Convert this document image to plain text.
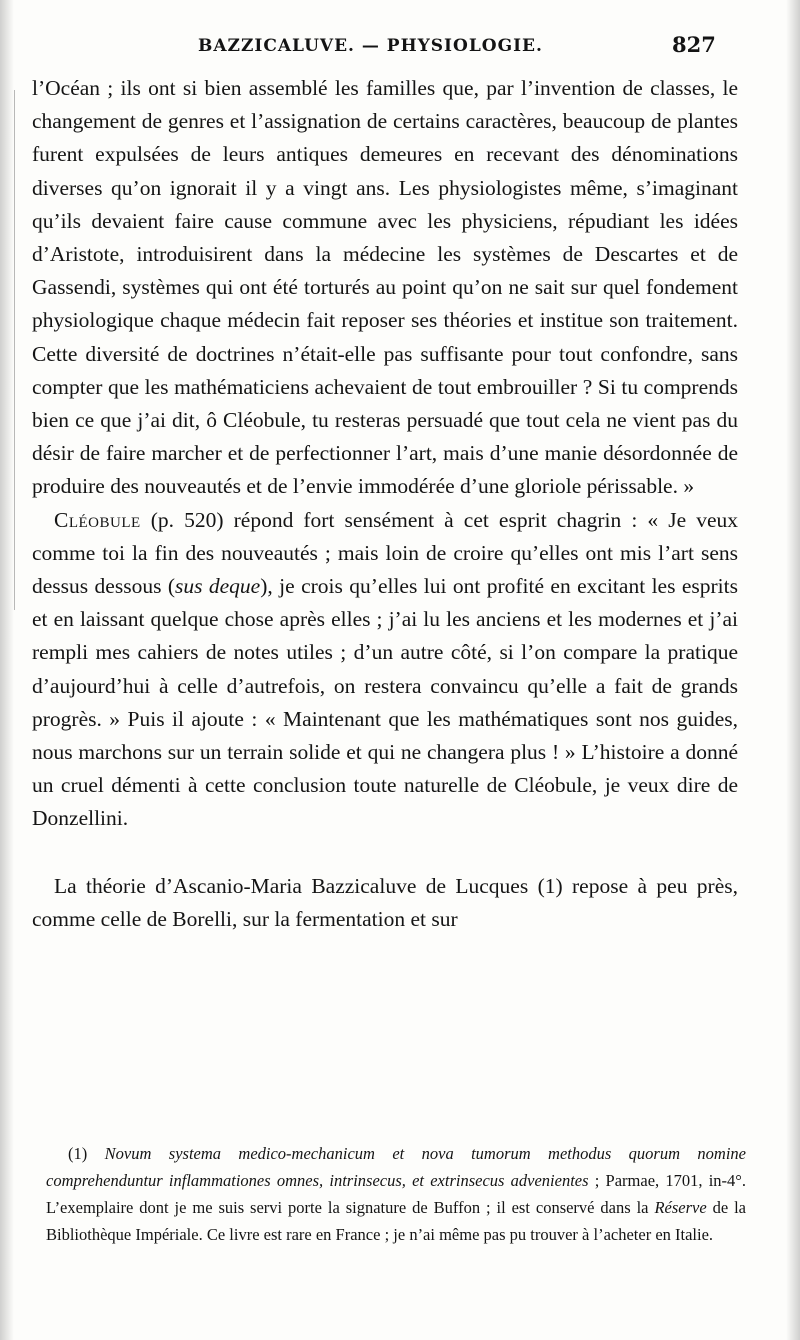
BAZZICALUVE. — PHYSIOLOGIE.	827

l’Océan ; ils ont si bien assemblé les familles que, par l’invention de classes, le changement de genres et l’assignation de certains caractères, beaucoup de plantes furent expulsées de leurs antiques demeures en recevant des dénominations diverses qu’on ignorait il y a vingt ans. Les physiologistes même, s’imaginant qu’ils devaient faire cause commune avec les physiciens, répudiant les idées d’Aristote, introduisirent dans la médecine les systèmes de Descartes et de Gassendi, systèmes qui ont été torturés au point qu’on ne sait sur quel fondement physiologique chaque médecin fait reposer ses théories et institue son traitement. Cette diversité de doctrines n’était-elle pas suffisante pour tout confondre, sans compter que les mathématiciens achevaient de tout embrouiller ? Si tu comprends bien ce que j’ai dit, ô Cléobule, tu resteras persuadé que tout cela ne vient pas du désir de faire marcher et de perfectionner l’art, mais d’une manie désordonnée de produire des nouveautés et de l’envie immodérée d’une gloriole périssable. »

Cléobule (p. 520) répond fort sensément à cet esprit chagrin : « Je veux comme toi la fin des nouveautés ; mais loin de croire qu’elles ont mis l’art sens dessus dessous (sus deque), je crois qu’elles lui ont profité en excitant les esprits et en laissant quelque chose après elles ; j’ai lu les anciens et les modernes et j’ai rempli mes cahiers de notes utiles ; d’un autre côté, si l’on compare la pratique d’aujourd’hui à celle d’autrefois, on restera convaincu qu’elle a fait de grands progrès. » Puis il ajoute : « Maintenant que les mathématiques sont nos guides, nous marchons sur un terrain solide et qui ne changera plus ! » L’histoire a donné un cruel démenti à cette conclusion toute naturelle de Cléobule, je veux dire de Donzellini.

La théorie d’Ascanio-Maria Bazzicaluve de Lucques (1) repose à peu près, comme celle de Borelli, sur la fermentation et sur

(1) Novum systema medico-mechanicum et nova tumorum methodus quorum nomine comprehenduntur inflammationes omnes, intrinsecus, et extrinsecus advenientes ; Parmae, 1701, in-4°. L’exemplaire dont je me suis servi porte la signature de Buffon ; il est conservé dans la Réserve de la Bibliothèque Impériale. Ce livre est rare en France ; je n’ai même pas pu trouver à l’acheter en Italie.
